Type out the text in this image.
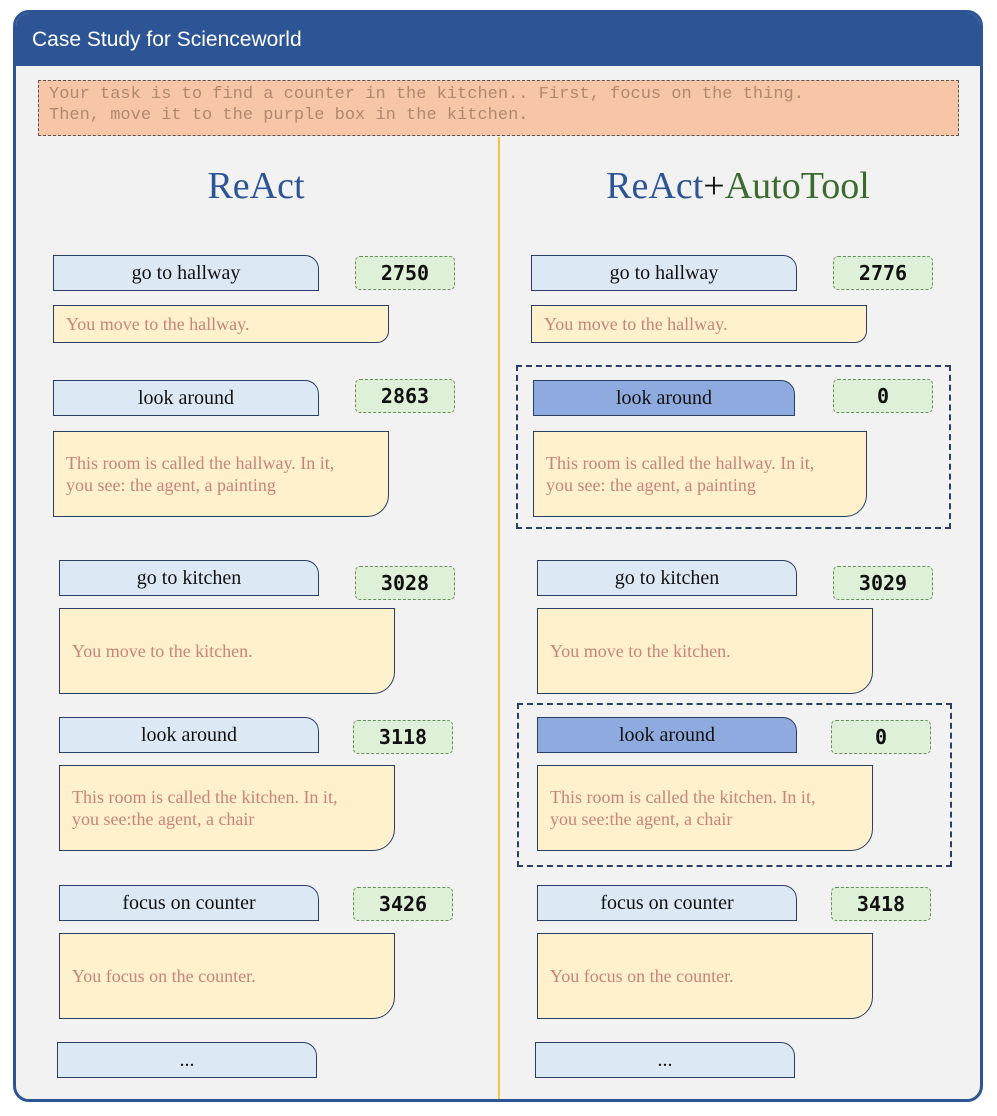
Case Study for Scienceworld
Your task is to find a counter in the kitchen.. First, focus on the thing.
Then, move it to the purple box in the kitchen.
ReAct
go to hallway	2750
You move to the hallway.
look around	2863
This room is called the hallway. In it,
you see: the agent, a painting
go to kitchen	3028
You move to the kitchen.
look around	3118
This room is called the kitchen. In it,
you see:the agent, a chair
focus on counter	3426
You focus on the counter.
...
ReAct+AutoTool
go to hallway	2776
You move to the hallway.
look around	0
This room is called the hallway. In it,
you see: the agent, a painting
go to kitchen	3029
You move to the kitchen.
look around	0
This room is called the kitchen. In it,
you see:the agent, a chair
focus on counter	3418
You focus on the counter.
...
